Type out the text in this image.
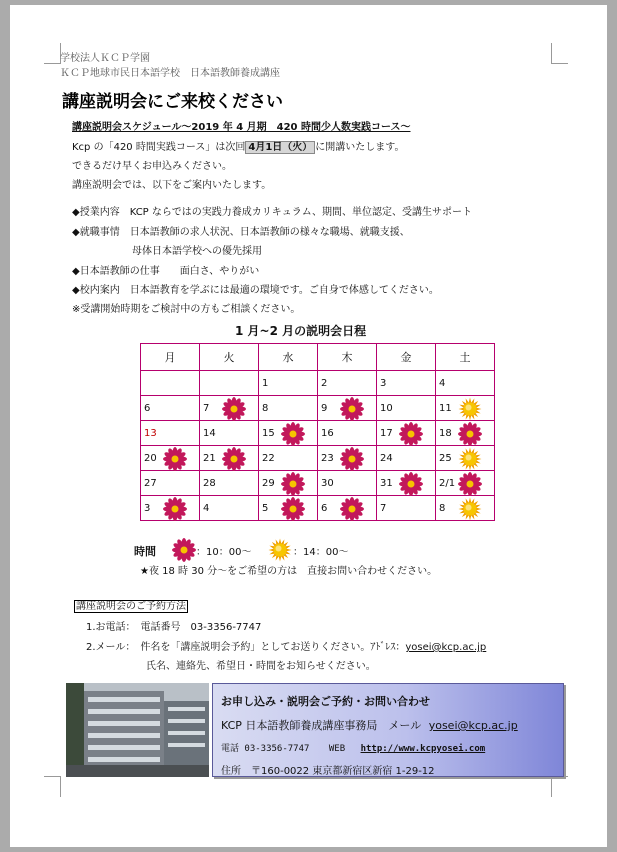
学校法人ＫＣＰ学園
ＫＣＰ地球市民日本語学校　日本語教師養成講座
講座説明会にご来校ください
講座説明会スケジュール～2019 年 4 月期　420 時間少人数実践コース～
Kcp の「420 時間実践コース」は次回 4月1日（火） に開講いたします。
できるだけ早くお申込みください。
講座説明会では、以下をご案内いたします。
◆授業内容　KCP ならではの実践力養成カリキュラム、期間、単位認定、受講生サポート
◆就職事情　日本語教師の求人状況、日本語教師の様々な職場、就職支援、
　　　　　　母体日本語学校への優先採用
◆日本語教師の仕事　　面白さ、やりがい
◆校内案内　日本語教育を学ぶには最適の環境です。ご自身で体感してください。
※受講開始時期をご検討中の方もご相談ください。
1 月~2 月の説明会日程
月	火	水	木	金	土
		1	2	3	4
6	7	8	9	10	11

13	14	15	16	17	18

20	21	22	23	24	25

27	28	29	30	31	2/1

3	4	5	6	7	8
時間	：10：00～	：14：00～
★夜 18 時 30 分～をご希望の方は　直接お問い合わせください。
講座説明会のご予約方法
1.お電話：　電話番号　03-3356-7747
2.メール：　件名を「講座説明会予約」としてお送りください。ｱﾄﾞﾚｽ：yosei@kcp.ac.jp
氏名、連絡先、希望日・時間をお知らせください。
お申し込み・説明会ご予約・お問い合わせ
KCP 日本語教師養成講座事務局　メール yosei@kcp.ac.jp
電話 03-3356-7747 WEB http://www.kcpyosei.com
住所　〒160-0022 東京都新宿区新宿 1-29-12
